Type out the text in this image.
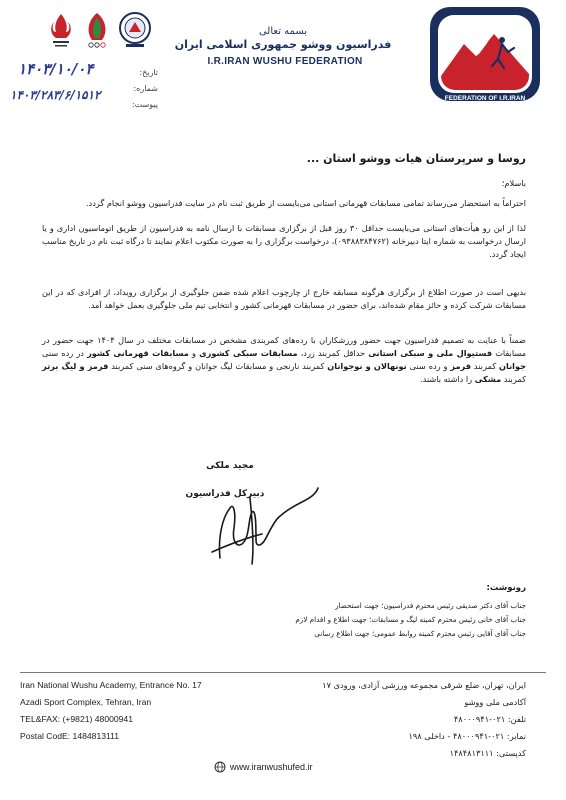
FEDERATION OF I.R.IRAN
بسمه تعالی
فدراسیون ووشو جمهوری اسلامی ایران
I.R.IRAN WUSHU FEDERATION
تاریخ:
شماره:
پیوست:
۱۴۰۳/۱۰/۰۴
۱۴۰۳/۲۸۳/۶/۱۵۱۲
روسا و سرپرستان هیات ووشو استان ...
باسلام؛
احتراماً به استحضار می‌رساند تمامی مسابقات قهرمانی استانی می‌بایست از طریق ثبت نام در سایت فدراسیون ووشو انجام گردد.
لذا از این رو هیأت‌های استانی می‌بایست حداقل ۳۰ روز قبل از برگزاری مسابقات با ارسال نامه به فدراسیون از طریق اتوماسیون اداری و یا ارسال درخواست به شماره ایتا دبیرخانه (۰۹۳۸۸۳۸۴۷۶۲)، درخواست برگزاری را به صورت مکتوب اعلام نمایند تا درگاه ثبت نام در تاریخ مناسب ایجاد گردد.
بدیهی است در صورت اطلاع از برگزاری هرگونه مسابقه خارج از چارچوب اعلام شده ضمن جلوگیری از برگزاری رویداد، از افرادی که در این مسابقات شرکت کرده و حائز مقام شده‌اند، برای حضور در مسابقات قهرمانی کشور و انتخابی تیم ملی جلوگیری بعمل خواهد آمد.
ضمناً با عنایت به تصمیم فدراسیون جهت حضور ورزشکاران با رده‌های کمربندی مشخص در مسابقات مختلف در سال ۱۴۰۴ جهت حضور در مسابقات فستیوال ملی و سبکی استانی حداقل کمربند زرد، مسابقات سبکی کشوری و مسابقات قهرمانی کشور در رده سنی جوانان کمربند قرمز و رده سنی نونهالان و نوجوانان کمربند نارنجی و مسابقات لیگ جوانان و گروه‌های سنی کمربند قرمز و لیگ برتر کمربند مشکی را داشته باشند.
مجید ملکی
دبیرکل فدراسیون
رونوشت:
جناب آقای دکتر صدیقی رئیس محترم فدراسیون؛ جهت استحضار
جناب آقای خانی رئیس محترم کمیته لیگ و مسابقات؛ جهت اطلاع و اقدام لازم
جناب آقای آقایی رئیس محترم کمیته روابط عمومی؛ جهت اطلاع رسانی
Iran National Wushu Academy, Entrance No. 17
Azadi Sport Complex, Tehran, Iran
TEL&FAX: (+9821) 48000941
Postal CodE: 1484813111
ایران، تهران، ضلع شرقی مجموعه ورزشی آزادی، ورودی ۱۷
آکادمی ملی ووشو
تلفن: ۰۲۱-۴۸۰۰۰۹۴۱
نمابر: ۰۲۱-۴۸۰۰۰۹۴۱ - داخلی ۱۹۸
کدپستی: ۱۴۸۴۸۱۳۱۱۱
www.iranwushufed.ir
